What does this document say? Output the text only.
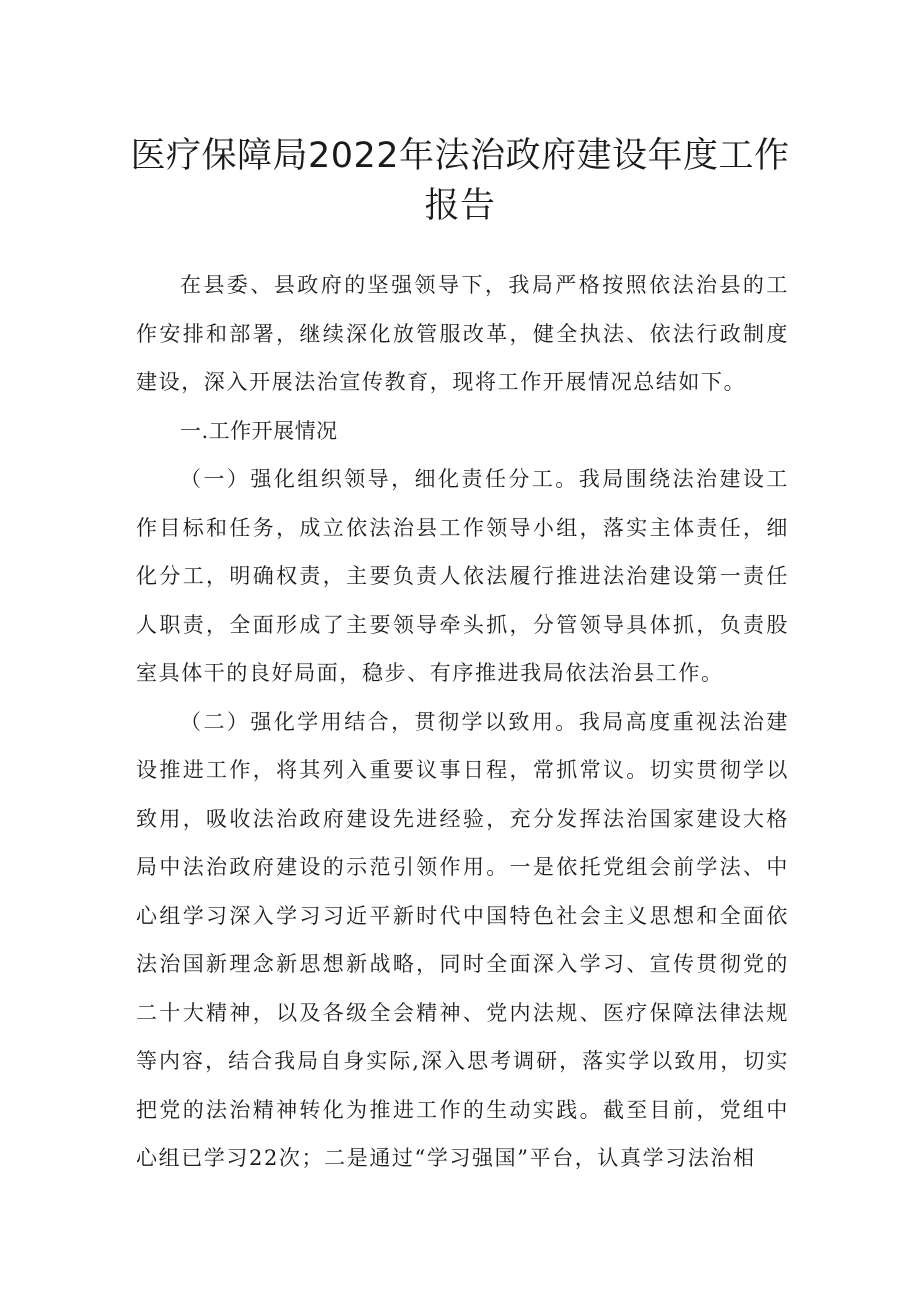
医疗保障局2022年法治政府建设年度工作
报告

在县委、县政府的坚强领导下，我局严格按照依法治县的工作安排和部署，继续深化放管服改革，健全执法、依法行政制度建设，深入开展法治宣传教育，现将工作开展情况总结如下。

一.工作开展情况

（一）强化组织领导，细化责任分工。我局围绕法治建设工作目标和任务，成立依法治县工作领导小组，落实主体责任，细化分工，明确权责，主要负责人依法履行推进法治建设第一责任人职责，全面形成了主要领导牵头抓，分管领导具体抓，负责股室具体干的良好局面，稳步、有序推进我局依法治县工作。

（二）强化学用结合，贯彻学以致用。我局高度重视法治建设推进工作，将其列入重要议事日程，常抓常议。切实贯彻学以致用，吸收法治政府建设先进经验，充分发挥法治国家建设大格局中法治政府建设的示范引领作用。一是依托党组会前学法、中心组学习深入学习习近平新时代中国特色社会主义思想和全面依法治国新理念新思想新战略，同时全面深入学习、宣传贯彻党的二十大精神，以及各级全会精神、党内法规、医疗保障法律法规等内容，结合我局自身实际,深入思考调研，落实学以致用，切实把党的法治精神转化为推进工作的生动实践。截至目前，党组中心组已学习22次；二是通过“学习强国”平台，认真学习法治相
